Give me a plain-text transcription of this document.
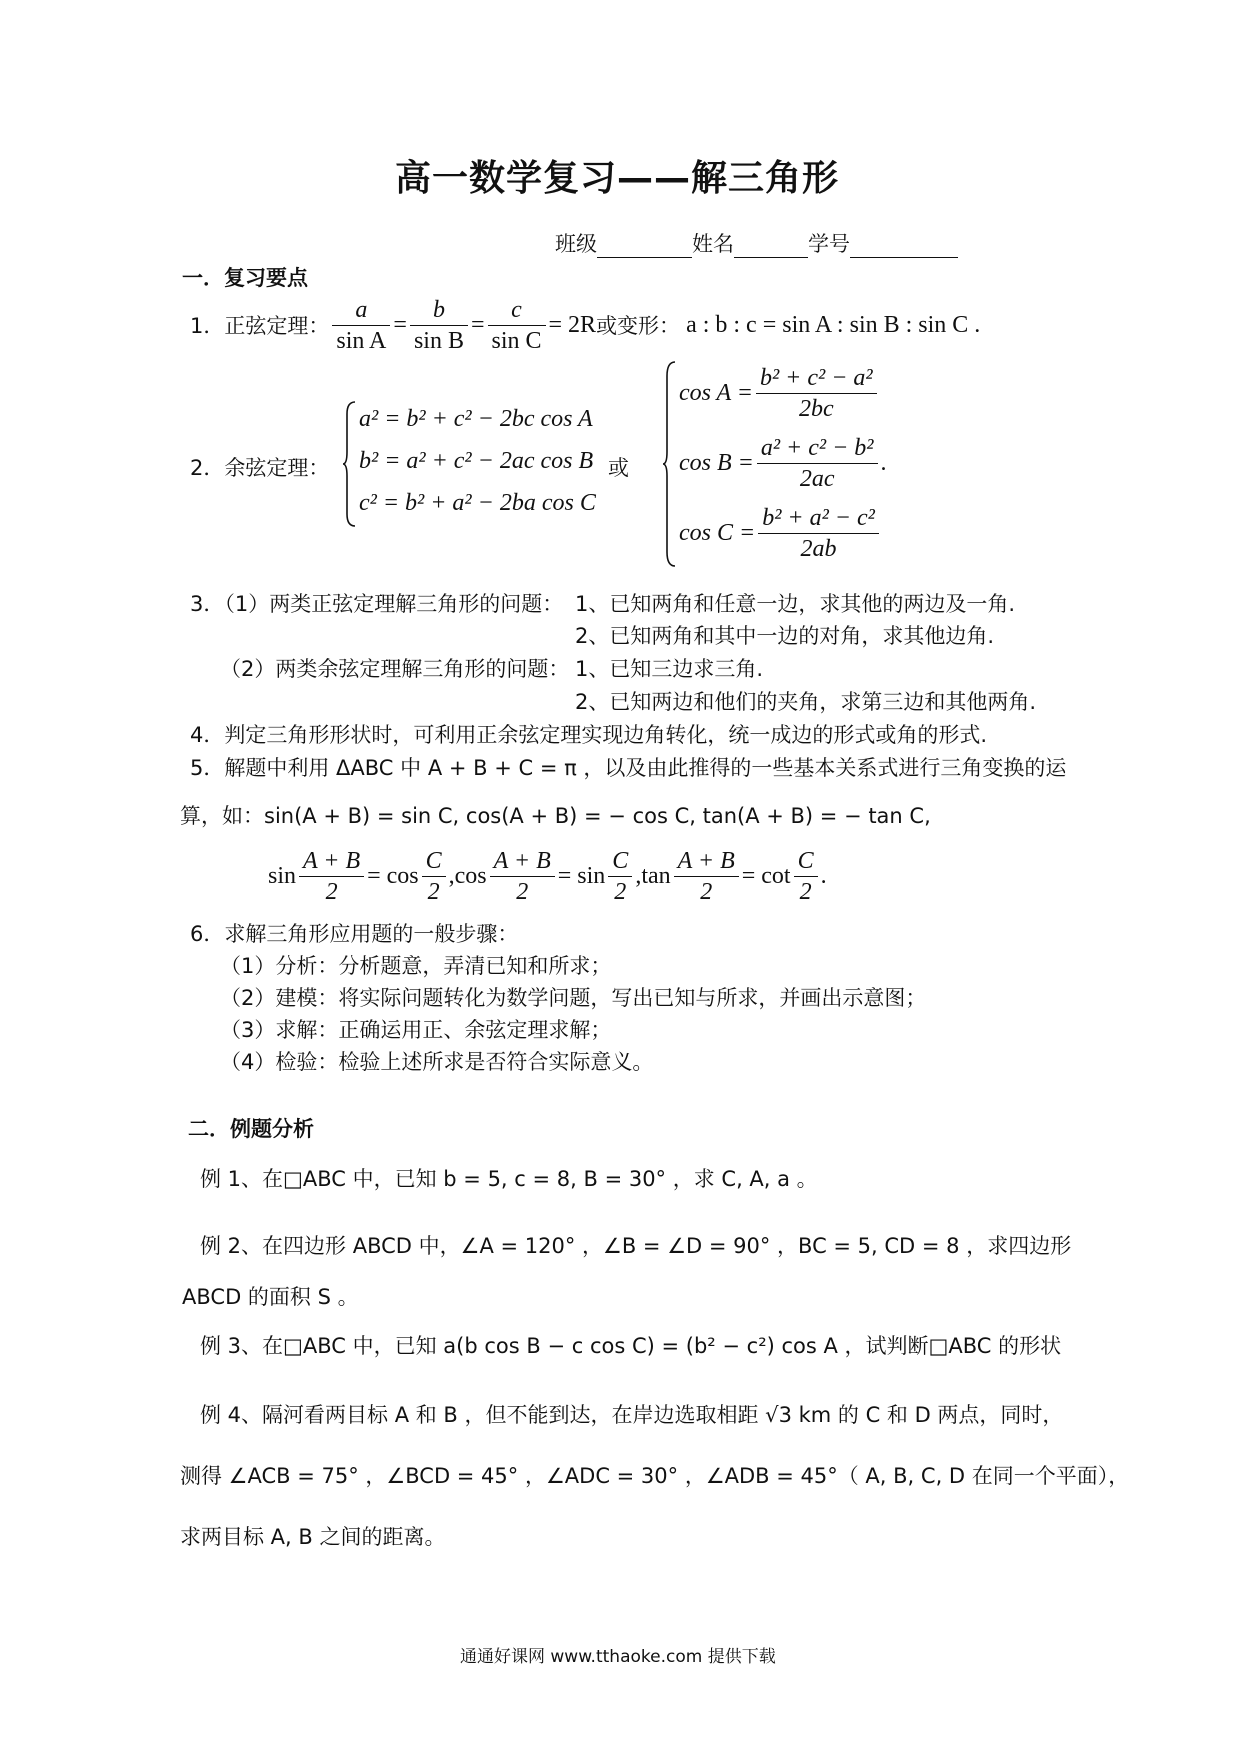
高一数学复习——解三角形
班级	姓名	学号
一．复习要点
1．正弦定理： $\frac{a}{\text{sin A}} = \frac{b}{\text{sin B}} = \frac{c}{\text{sin C}} = 2R$ 或变形： a : b : c = sin A : sin B : sin C .
2．余弦定理：
a² = b² + c² − 2bc cos A
b² = a² + c² − 2ac cos B
c² = b² + a² − 2ba cos C
或
$\cos A = \frac{\text{b² + c² − a²}}{2bc}$
$\cos B = \frac{\text{a² + c² − b²}}{2ac}$ .
$\cos C = \frac{\text{b² + a² − c²}}{2ab}$
3．（1）两类正弦定理解三角形的问题： 1、已知两角和任意一边，求其他的两边及一角.
2、已知两角和其中一边的对角，求其他边角.
（2）两类余弦定理解三角形的问题： 1、已知三边求三角.
2、已知两边和他们的夹角，求第三边和其他两角.
4．判定三角形形状时，可利用正余弦定理实现边角转化，统一成边的形式或角的形式.
5．解题中利用 ΔABC 中 A + B + C = π ，以及由此推得的一些基本关系式进行三角变换的运
算，如：sin(A + B) = sin C, cos(A + B) = − cos C, tan(A + B) = − tan C,
$\sin \frac{A + B}{2} = \cos \frac{C}{2}$ , $\cos \frac{A + B}{2} = \sin \frac{C}{2}$ , $\tan \frac{A + B}{2} = \cot \frac{C}{2}$ .
6．求解三角形应用题的一般步骤：
（1）分析：分析题意，弄清已知和所求；
（2）建模：将实际问题转化为数学问题，写出已知与所求，并画出示意图；
（3）求解：正确运用正、余弦定理求解；
（4）检验：检验上述所求是否符合实际意义。
二．例题分析
例 1、在□ABC 中，已知 b = 5, c = 8, B = 30° ，求 C, A, a 。
例 2、在四边形 ABCD 中，∠A = 120° ，∠B = ∠D = 90° ，BC = 5, CD = 8 ，求四边形
ABCD 的面积 S 。
例 3、在□ABC 中，已知 a(b cos B − c cos C) = (b² − c²) cos A ，试判断□ABC 的形状
例 4、隔河看两目标 A 和 B ，但不能到达，在岸边选取相距 √3 km 的 C 和 D 两点，同时，
测得 ∠ACB = 75° ，∠BCD = 45° ，∠ADC = 30° ，∠ADB = 45°（ A, B, C, D 在同一个平面），
求两目标 A, B 之间的距离。
通通好课网 www.tthaoke.com 提供下载
